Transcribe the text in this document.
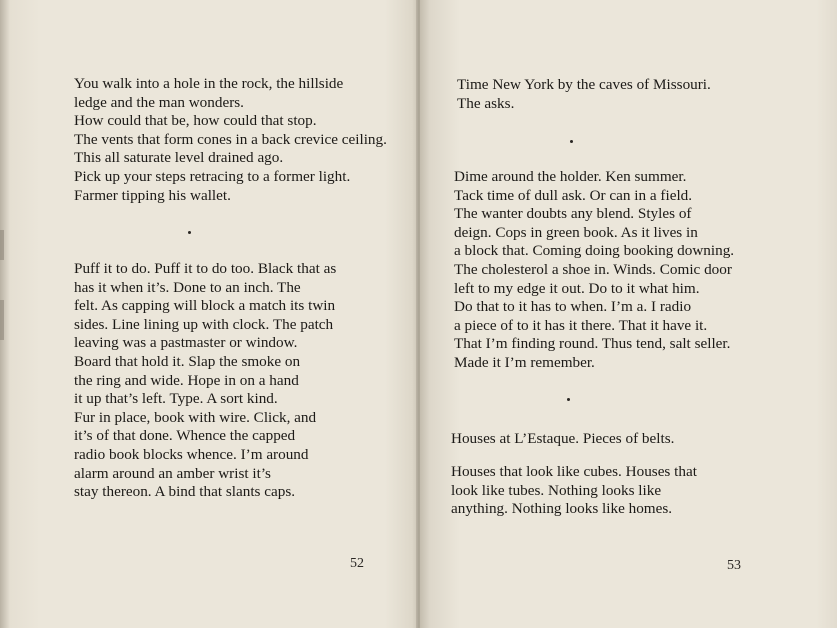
You walk into a hole in the rock, the hillside
ledge and the man wonders.
How could that be, how could that stop.
The vents that form cones in a back crevice ceiling.
This all saturate level drained ago.
Pick up your steps retracing to a former light.
Farmer tipping his wallet.
Puff it to do. Puff it to do too. Black that as
has it when it’s. Done to an inch. The
felt. As capping will block a match its twin
sides. Line lining up with clock. The patch
leaving was a pastmaster or window.
Board that hold it. Slap the smoke on
the ring and wide. Hope in on a hand
it up that’s left. Type. A sort kind.
Fur in place, book with wire. Click, and
it’s of that done. Whence the capped
radio book blocks whence. I’m around
alarm around an amber wrist it’s
stay thereon. A bind that slants caps.
52
Time New York by the caves of Missouri.
The asks.
Dime around the holder. Ken summer.
Tack time of dull ask. Or can in a field.
The wanter doubts any blend. Styles of
deign. Cops in green book. As it lives in
a block that. Coming doing booking downing.
The cholesterol a shoe in. Winds. Comic door
left to my edge it out. Do to it what him.
Do that to it has to when. I’m a. I radio
a piece of to it has it there. That it have it.
That I’m finding round. Thus tend, salt seller.
Made it I’m remember.
Houses at L’Estaque. Pieces of belts.
Houses that look like cubes. Houses that
look like tubes. Nothing looks like
anything. Nothing looks like homes.
53
